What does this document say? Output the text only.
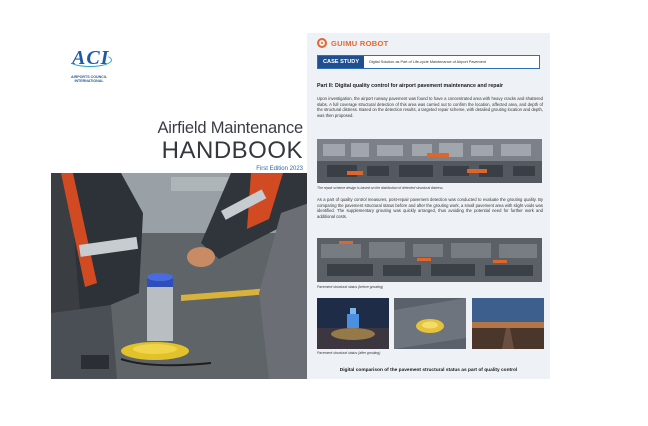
ACI
AIRPORTS COUNCIL
INTERNATIONAL
Airfield Maintenance
HANDBOOK
First Edition 2023
GUIMU ROBOT
CASE STUDY	Digital Solution as Part of Life-cycle Maintenance of Airport Pavement
Part II: Digital quality control for airport pavement maintenance and repair
Upon investigation, the airport runway pavement was found to have a concentrated area with heavy cracks and shattered slabs. A full coverage structural detection of this area was carried out to confirm the location, affected area, and depth of the structural distress. Based on the detection results, a targeted repair scheme, with detailed grouting location and depth, was then proposed.
The repair scheme design is based on the distribution of detected structural distress
As a part of quality control measures, post-repair pavement detection was conducted to evaluate the grouting quality. By comparing the pavement structural status before and after the grouting work, a small pavement area with slight voids was identified. The supplementary grouting was quickly arranged, thus avoiding the potential need for further work and additional costs.
Pavement structural status (before grouting)
Pavement structural status (after grouting)
Digital comparison of the pavement structural status as part of quality control
